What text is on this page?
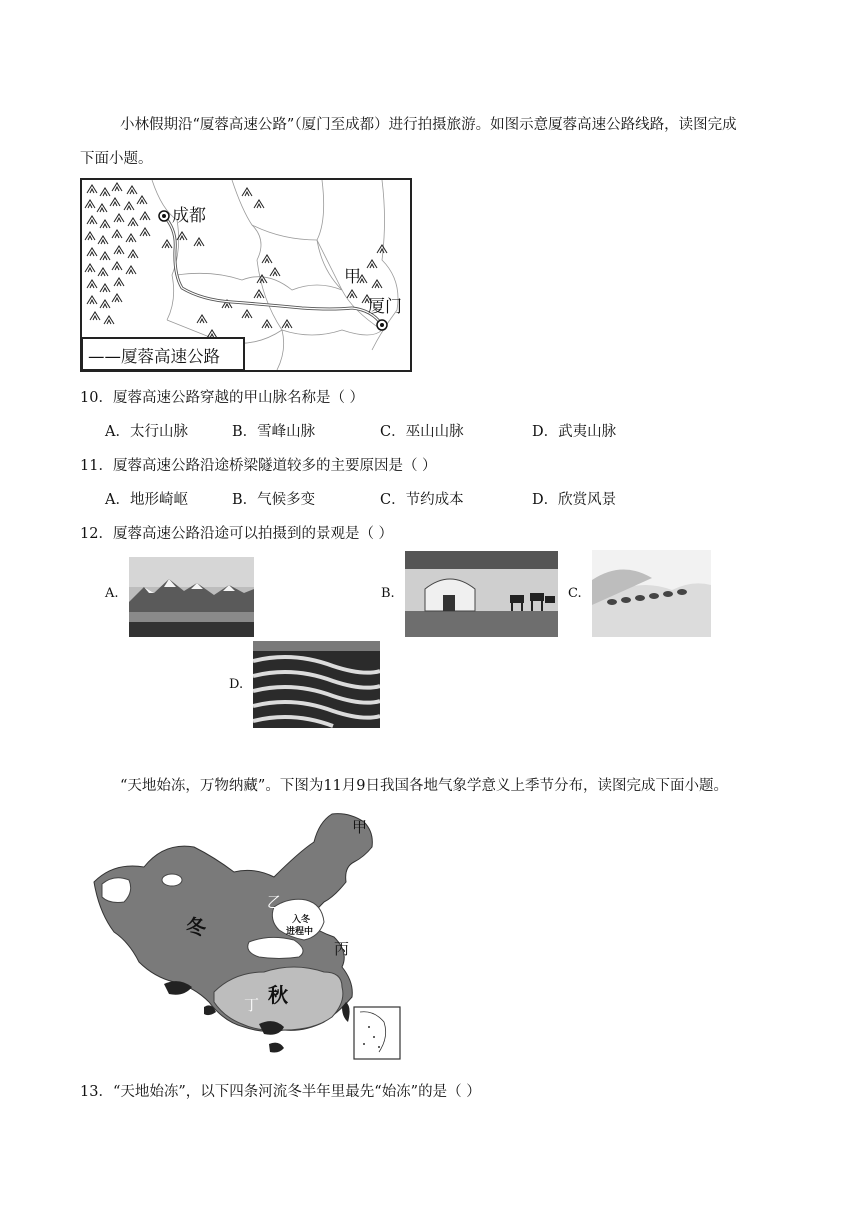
小林假期沿“厦蓉高速公路”（厦门至成都）进行拍摄旅游。如图示意厦蓉高速公路线路，读图完成
下面小题。
成都
厦门
甲
——厦蓉高速公路
10．厦蓉高速公路穿越的甲山脉名称是（ ）
A．太行山脉	B．雪峰山脉	C．巫山山脉	D．武夷山脉
11．厦蓉高速公路沿途桥梁隧道较多的主要原因是（ ）
A．地形崎岖	B．气候多变	C．节约成本	D．欣赏风景
12．厦蓉高速公路沿途可以拍摄到的景观是（ ）
A.	B.	C.
D.
“天地始冻，万物纳藏”。下图为11月9日我国各地气象学意义上季节分布，读图完成下面小题。
甲
乙
丙
丁
冬
秋
入冬
进程中
13．“天地始冻”，以下四条河流冬半年里最先“始冻”的是（ ）
